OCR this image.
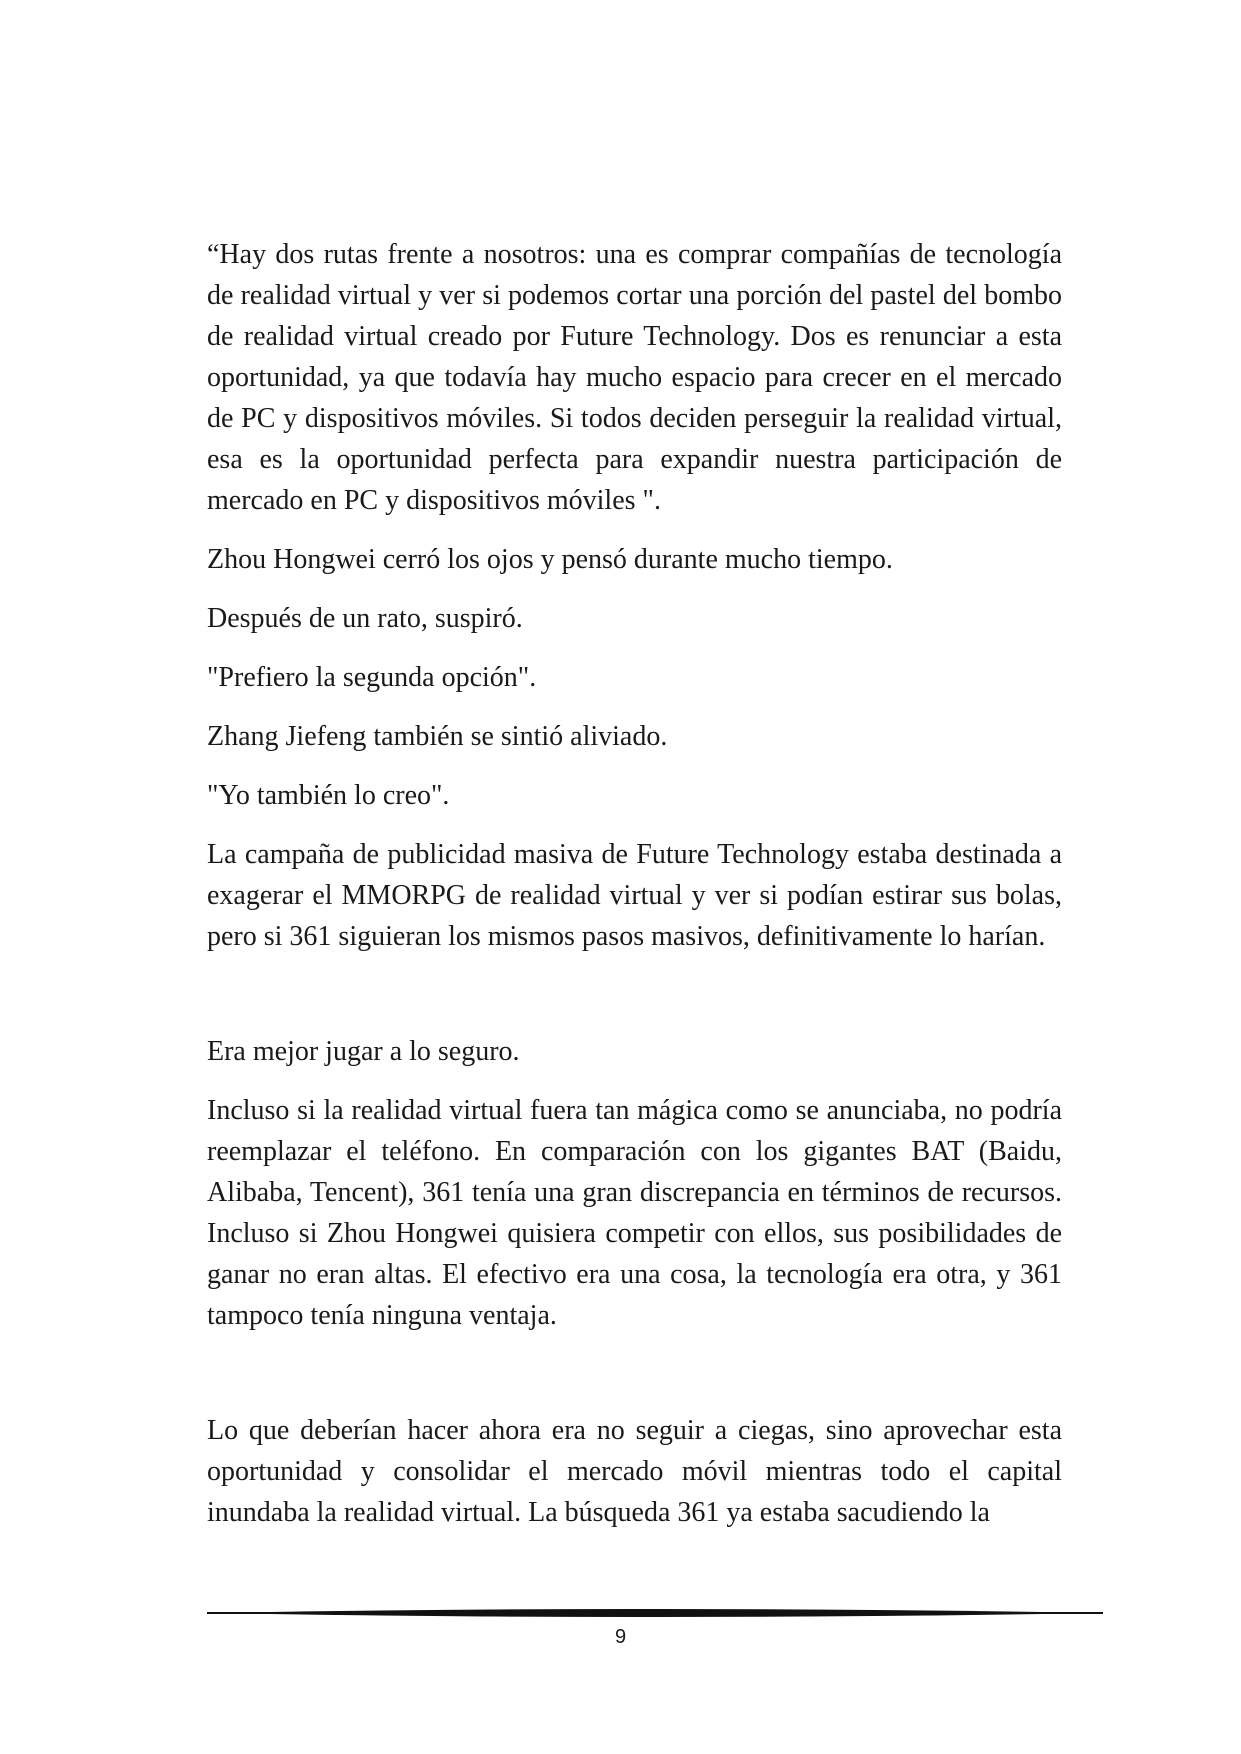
“Hay dos rutas frente a nosotros: una es comprar compañías de tecnología de realidad virtual y ver si podemos cortar una porción del pastel del bombo de realidad virtual creado por Future Technology. Dos es renunciar a esta oportunidad, ya que todavía hay mucho espacio para crecer en el mercado de PC y dispositivos móviles. Si todos deciden perseguir la realidad virtual, esa es la oportunidad perfecta para expandir nuestra participación de mercado en PC y dispositivos móviles ".

Zhou Hongwei cerró los ojos y pensó durante mucho tiempo.

Después de un rato, suspiró.

"Prefiero la segunda opción".

Zhang Jiefeng también se sintió aliviado.

"Yo también lo creo".

La campaña de publicidad masiva de Future Technology estaba destinada a exagerar el MMORPG de realidad virtual y ver si podían estirar sus bolas, pero si 361 siguieran los mismos pasos masivos, definitivamente lo harían.

Era mejor jugar a lo seguro.

Incluso si la realidad virtual fuera tan mágica como se anunciaba, no podría reemplazar el teléfono. En comparación con los gigantes BAT (Baidu, Alibaba, Tencent), 361 tenía una gran discrepancia en términos de recursos. Incluso si Zhou Hongwei quisiera competir con ellos, sus posibilidades de ganar no eran altas. El efectivo era una cosa, la tecnología era otra, y 361 tampoco tenía ninguna ventaja.

Lo que deberían hacer ahora era no seguir a ciegas, sino aprovechar esta oportunidad y consolidar el mercado móvil mientras todo el capital inundaba la realidad virtual. La búsqueda 361 ya estaba sacudiendo la

9
